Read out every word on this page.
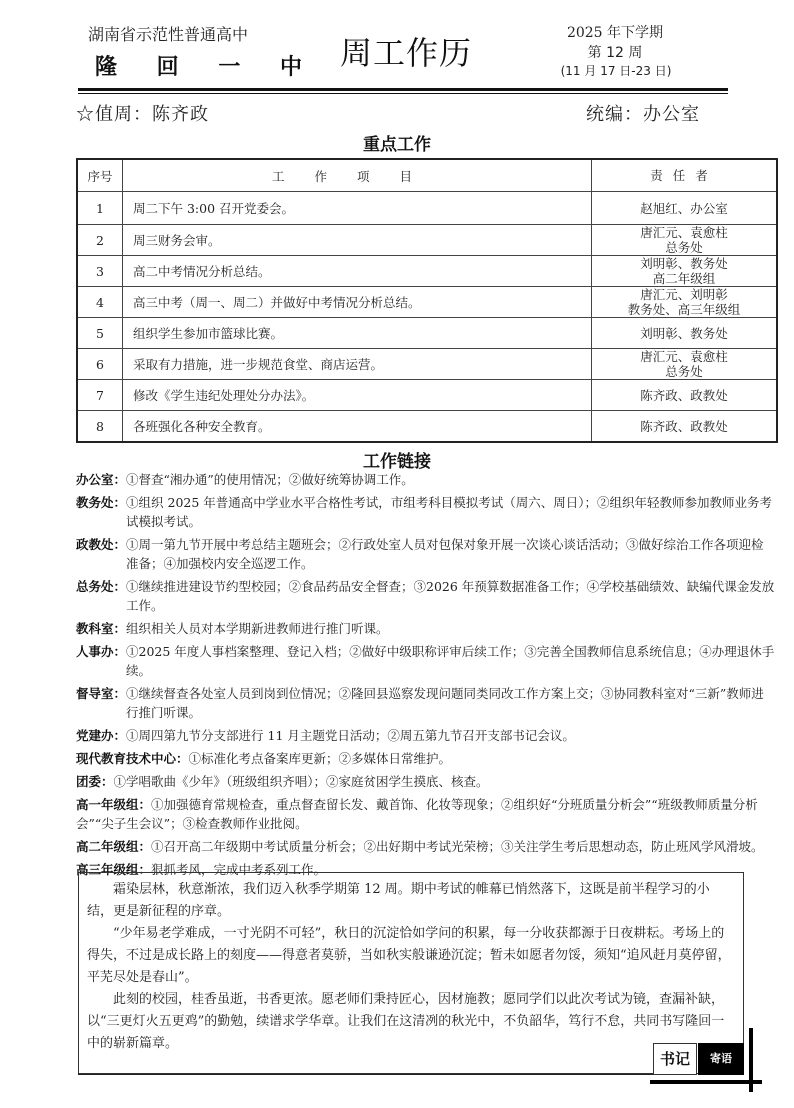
湖南省示范性普通高中
隆 回 一 中 周工作历
2025 年下学期
第 12 周
(11 月 17 日-23 日)
☆值周：陈齐政	统编：办公室
重点工作
序号	工作项目	责任者
1	周二下午 3:00 召开党委会。	赵旭红、办公室

2	周三财务会审。	唐汇元、袁愈柱
总务处

3	高二中考情况分析总结。	刘明彰、教务处
高二年级组

4	高三中考（周一、周二）并做好中考情况分析总结。	唐汇元、刘明彰
教务处、高三年级组

5	组织学生参加市篮球比赛。	刘明彰、教务处

6	采取有力措施，进一步规范食堂、商店运营。	唐汇元、袁愈柱
总务处

7	修改《学生违纪处理处分办法》。	陈齐政、政教处

8	各班强化各种安全教育。	陈齐政、政教处
工作链接
办公室： ①督查“湘办通”的使用情况；②做好统筹协调工作。
教务处： ①组织 2025 年普通高中学业水平合格性考试，市组考科目模拟考试（周六、周日）；②组织年轻教师参加教师业务考试模拟考试。
政教处： ①周一第九节开展中考总结主题班会；②行政处室人员对包保对象开展一次谈心谈话活动；③做好综治工作各项迎检准备；④加强校内安全巡逻工作。
总务处： ①继续推进建设节约型校园；②食品药品安全督查；③2026 年预算数据准备工作；④学校基础绩效、缺编代课金发放工作。
教科室： 组织相关人员对本学期新进教师进行推门听课。
人事办： ①2025 年度人事档案整理、登记入档；②做好中级职称评审后续工作；③完善全国教师信息系统信息；④办理退休手续。
督导室： ①继续督查各处室人员到岗到位情况；②隆回县巡察发现问题同类同改工作方案上交；③协同教科室对“三新”教师进行推门听课。
党建办： ①周四第九节分支部进行 11 月主题党日活动；②周五第九节召开支部书记会议。
现代教育技术中心： ①标准化考点备案库更新；②多媒体日常维护。
团委： ①学唱歌曲《少年》（班级组织齐唱）；②家庭贫困学生摸底、核查。
高一年级组：①加强德育常规检查，重点督查留长发、戴首饰、化妆等现象；②组织好“分班质量分析会”“班级教师质量分析会”“尖子生会议”；③检查教师作业批阅。
高二年级组：①召开高二年级期中考试质量分析会；②出好期中考试光荣榜；③关注学生考后思想动态，防止班风学风滑坡。
高三年级组：狠抓考风，完成中考系列工作。

霜染层林，秋意渐浓，我们迈入秋季学期第 12 周。期中考试的帷幕已悄然落下，这既是前半程学习的小结，更是新征程的序章。

“少年易老学难成，一寸光阴不可轻”，秋日的沉淀恰如学问的积累，每一分收获都源于日夜耕耘。考场上的得失，不过是成长路上的刻度——得意者莫骄，当如秋实般谦逊沉淀；暂未如愿者勿馁，须知“追风赶月莫停留，平芜尽处是春山”。

此刻的校园，桂香虽逝，书香更浓。愿老师们秉持匠心，因材施教；愿同学们以此次考试为镜，查漏补缺，以“三更灯火五更鸡”的勤勉，续谱求学华章。让我们在这清冽的秋光中，不负韶华，笃行不怠，共同书写隆回一中的崭新篇章。

书记	寄语
